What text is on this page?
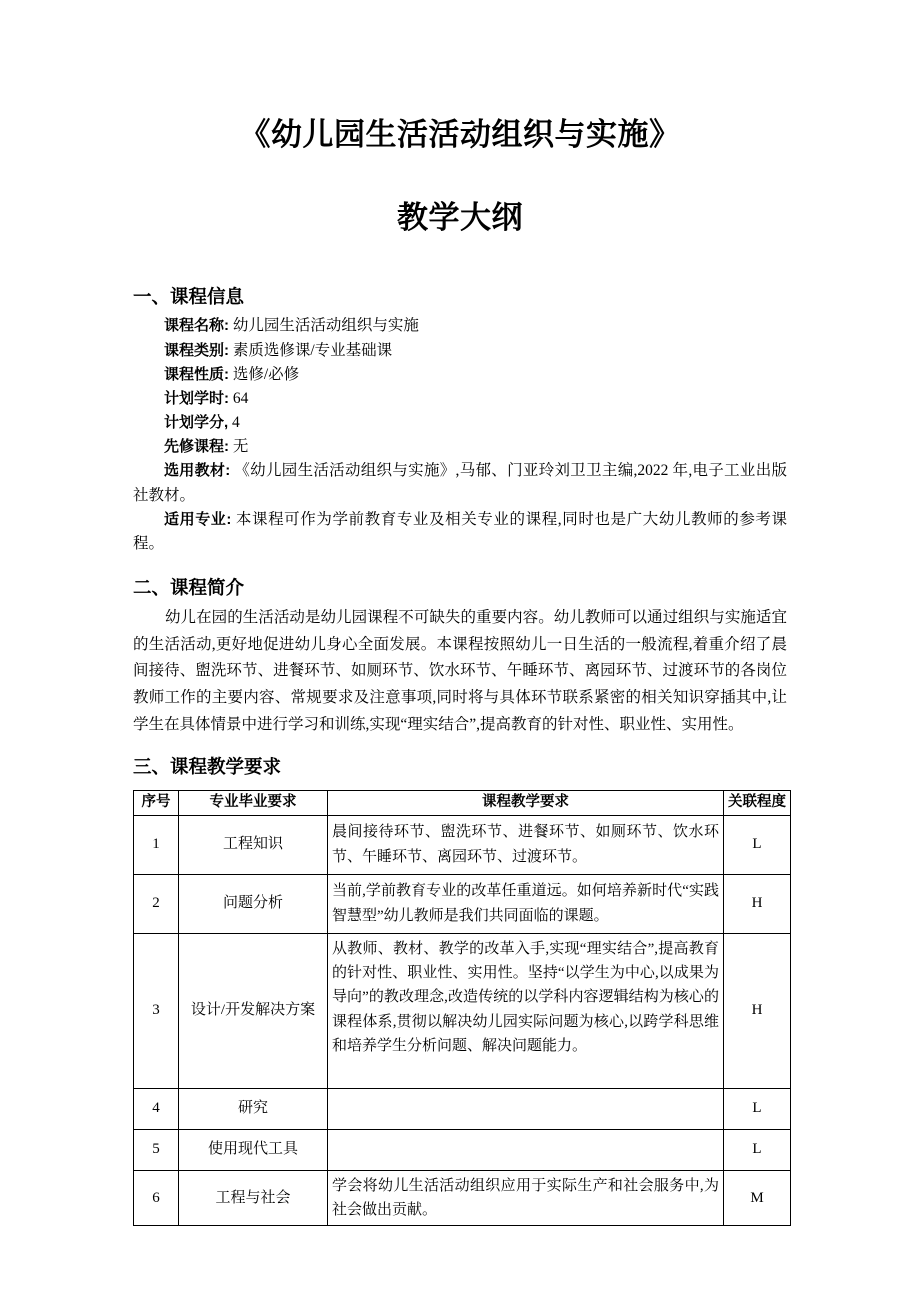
《幼儿园生活活动组织与实施》
教学大纲
一、课程信息
课程名称: 幼儿园生活活动组织与实施
课程类别: 素质选修课/专业基础课
课程性质: 选修/必修
计划学时: 64
计划学分, 4
先修课程: 无
选用教材: 《幼儿园生活活动组织与实施》,马郁、门亚玲刘卫卫主编,2022 年,电子工业出版社教材。
适用专业: 本课程可作为学前教育专业及相关专业的课程,同时也是广大幼儿教师的参考课程。
二、课程简介

幼儿在园的生活活动是幼儿园课程不可缺失的重要内容。幼儿教师可以通过组织与实施适宜的生活活动,更好地促进幼儿身心全面发展。本课程按照幼儿一日生活的一般流程,着重介绍了晨间接待、盥洗环节、进餐环节、如厕环节、饮水环节、午睡环节、离园环节、过渡环节的各岗位教师工作的主要内容、常规要求及注意事项,同时将与具体环节联系紧密的相关知识穿插其中,让学生在具体情景中进行学习和训练,实现“理实结合”,提高教育的针对性、职业性、实用性。

三、课程教学要求
序号	专业毕业要求	课程教学要求	关联程度
1	工程知识	晨间接待环节、盥洗环节、进餐环节、如厕环节、饮水环节、午睡环节、离园环节、过渡环节。	L
2	问题分析	当前,学前教育专业的改革任重道远。如何培养新时代“实践智慧型”幼儿教师是我们共同面临的课题。	H
3	设计/开发解决方案	从教师、教材、教学的改革入手,实现“理实结合”,提高教育的针对性、职业性、实用性。坚持“以学生为中心,以成果为导向”的教改理念,改造传统的以学科内容逻辑结构为核心的课程体系,贯彻以解决幼儿园实际问题为核心,以跨学科思维和培养学生分析问题、解决问题能力。	H
4	研究		L
5	使用现代工具		L
6	工程与社会	学会将幼儿生活活动组织应用于实际生产和社会服务中,为社会做出贡献。	M
